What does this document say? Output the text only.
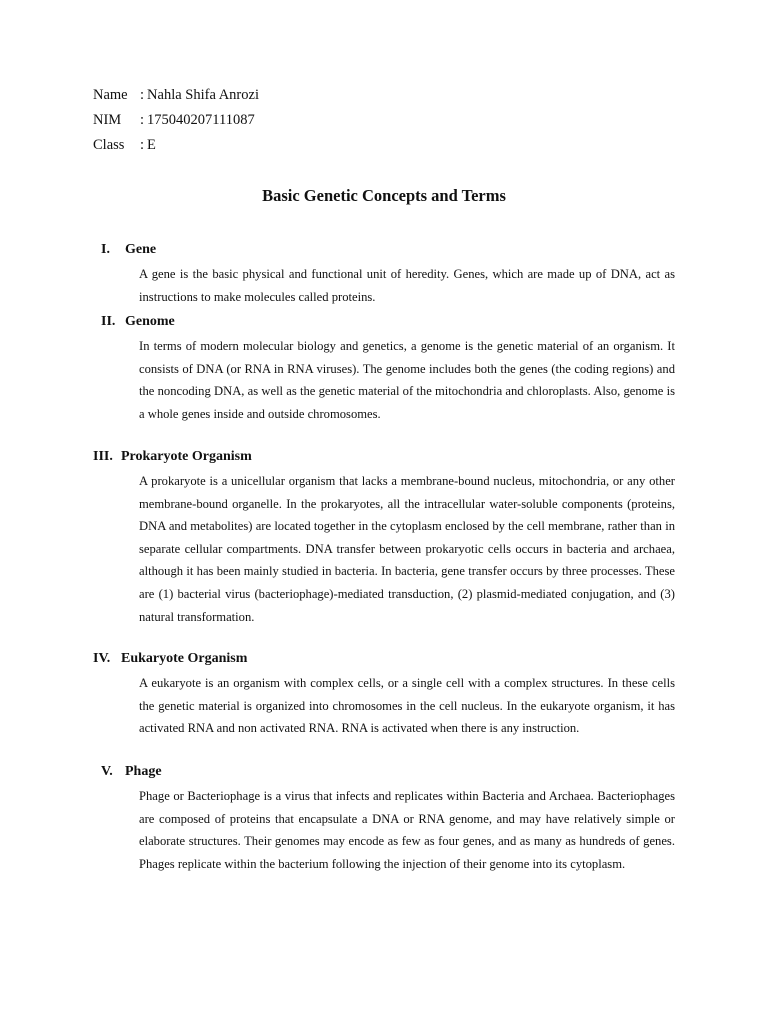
Name : Nahla Shifa Anrozi
NIM	: 175040207111087
Class	: E
Basic Genetic Concepts and Terms
I.	Gene
A gene is the basic physical and functional unit of heredity. Genes, which are made up of DNA, act as instructions to make molecules called proteins.
II. Genome
In terms of modern molecular biology and genetics, a genome is the genetic material of an organism. It consists of DNA (or RNA in RNA viruses). The genome includes both the genes (the coding regions) and the noncoding DNA, as well as the genetic material of the mitochondria and chloroplasts. Also, genome is a whole genes inside and outside chromosomes.
III. Prokaryote Organism
A prokaryote is a unicellular organism that lacks a membrane-bound nucleus, mitochondria, or any other membrane-bound organelle. In the prokaryotes, all the intracellular water-soluble components (proteins, DNA and metabolites) are located together in the cytoplasm enclosed by the cell membrane, rather than in separate cellular compartments. DNA transfer between prokaryotic cells occurs in bacteria and archaea, although it has been mainly studied in bacteria. In bacteria, gene transfer occurs by three processes. These are (1) bacterial virus (bacteriophage)-mediated transduction, (2) plasmid-mediated conjugation, and (3) natural transformation.
IV. Eukaryote Organism
A eukaryote is an organism with complex cells, or a single cell with a complex structures. In these cells the genetic material is organized into chromosomes in the cell nucleus. In the eukaryote organism, it has activated RNA and non activated RNA. RNA is activated when there is any instruction.
V. Phage
Phage or Bacteriophage is a virus that infects and replicates within Bacteria and Archaea. Bacteriophages are composed of proteins that encapsulate a DNA or RNA genome, and may have relatively simple or elaborate structures. Their genomes may encode as few as four genes, and as many as hundreds of genes. Phages replicate within the bacterium following the injection of their genome into its cytoplasm.
